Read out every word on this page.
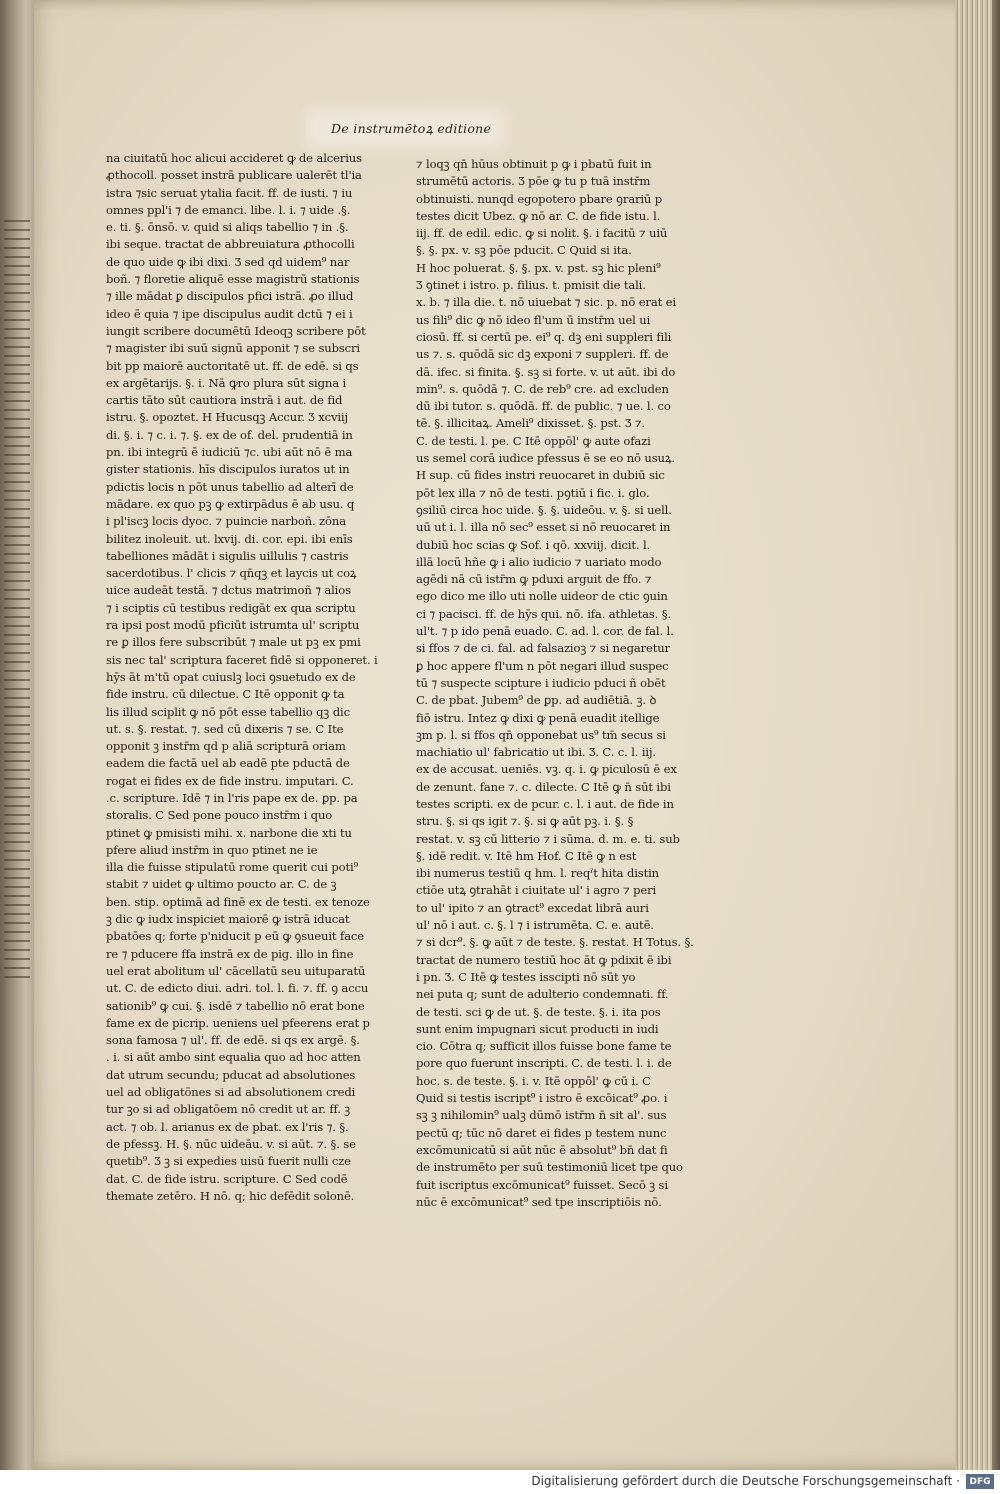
De instrumētoꝝ editione
na ciuitatū hoc alicui accideret ꝙ de alcerius
ꝓthocoll. posset instrā publicare ualerēt tl'ia
istra ⁊sic seruat ytalia facit. ff. de iusti. ⁊ iu
omnes ppl'i ⁊ de emanci. libe. l. i. ⁊ uide .§.
e. ti. §. ōnsō. v. quid si aliqs tabellio ⁊ in .§.
ibi seque. tractat de abbreuiatura ꝓthocolli
de quo uide ꝙ ibi dixi. Ʒ sed qd uidem⁹ nar
boñ. ⁊ floretie aliquē esse magistrū stationis
⁊ ille mādat ꝑ discipulos pfici istrā. ꝓo illud
ideo ē quia ⁊ ipe discipulus audit dctū ⁊ ei i
iungit scribere documētū Ideoqꝫ scribere pōt
⁊ magister ibi suū signū apponit ⁊ se subscri
bit pp maiorē auctoritatē ut. ff. de edē. si qs
ex argētarijs. §. i. Nā ꝙro plura sūt signa i
cartis tāto sūt cautiora instrā i aut. de fid
istru. §. opoztet. H Hucusqꝫ Accur. Ʒ xcviij
di. §. i. ⁊ c. i. ⁊. §. ex de of. del. prudentiā in
pn. ibi integrū ē iudiciū ⁊c. ubi aūt nō ē ma
gister stationis. hīs discipulos iuratos ut in
pdictis locis n pōt unus tabellio ad alterī de
mādare. ex quo pꝫ ꝙ extirpādus ē ab usu. q
i pl'iscꝫ locis dyoc. ⁊ puincie narboñ. zōna
bilitez inoleuit. ut. lxvij. di. cor. epi. ibi enīs
tabelliones mādāt i sigulis uillulis ⁊ castris
sacerdotibus. l' clicis ⁊ qn̄qꝫ et laycis ut coꝝ
uice audeāt testā. ⁊ dctus matrimoñ ⁊ alios
⁊ i sciptis cū testibus redigāt ex qua scriptu
ra ipsi post modū pficiūt istrumta ul' scriptu
re ꝑ illos fere subscribūt ⁊ male ut pꝫ ex pmi
sis nec tal' scriptura faceret fidē si opponeret. i
hȳs āt m'tū opat cuiuslꝫ loci ꝯsuetudo ex de
fide instru. cū dilectue. C Itē opponit ꝙ ta
lis illud sciplit ꝙ nō pōt esse tabellio qꝫ dic
ut. s. §. restat. ⁊. sed cū dixeris ⁊ se. C Ite
opponit ꝫ instr̄m qd p aliā scripturā oriam
eadem die factā uel ab eadē pte pductā de
rogat ei fides ex de fide instru. imputari. C.
.c. scripture. Idē ⁊ in l'ris pape ex de. ꝑp. pa
storalis. C Sed pone pouco instr̄m i quo
ptinet ꝙ pmisisti mihi. x. narbone die xti tu
pfere aliud instr̄m in quo ptinet ne ie
illa die fuisse stipulatū rome querit cui poti⁹
stabit ⁊ uidet ꝙ ultimo poucto ar. C. de ꝫ
ben. stip. optimā ad finē ex de testi. ex tenoze
ꝫ dic ꝙ iudx inspiciet maiorē ꝙ istrā iducat
pbatōes q; forte p'niducit p eū ꝙ ꝯsueuit face
re ⁊ pducere ffa instrā ex de pig. illo in fine
uel erat abolitum ul' cācellatū seu uituparatū
ut. C. de edicto diui. adri. tol. l. fi. ⁊. ff. ꝯ accu
sationib⁹ ꝙ cui. §. isdē ⁊ tabellio nō erat bone
fame ex de picrip. ueniens uel pfeerens erat p
sona famosa ⁊ ul'. ff. de edē. si qs ex argē. §.
. i. si aūt ambo sint equalia quo ad hoc atten
dat utrum secundu; pducat ad absolutiones
uel ad obligatōnes si ad absolutionem credi
tur ꝫo si ad obligatōem nō credit ut ar. ff. ꝫ
act. ⁊ ob. l. arianus ex de pbat. ex l'ris ⁊. §.
de pfessꝫ. H. §. nūc uideāu. v. si aūt. ⁊. §. se
quetib⁹. Ʒ ꝫ si expedies uisū fuerit nulli cze
dat. C. de fide istru. scripture. C Sed codē
themate zetēro. H nō. q; hic defēdit solonē.
⁊ loqꝫ qn̄ hūus obtinuit p ꝙ i pbatū fuit in
strumētū actoris. Ʒ pōe ꝙ tu p tuā instr̄m
obtinuisti. nunqd egopotero pbare ꝯrariū p
testes dicit Ubez. ꝙ nō ar. C. de fide istu. l.
iij. ff. de edil. edic. ꝙ si nolit. §. i facitū ⁊ uiū
§. §. px. v. sꝫ pōe pducit. C Quid si ita.
H hoc poluerat. §. §. px. v. pst. sꝫ hic pleni⁹
Ʒ ꝯtinet i istro. p. filius. t. pmisit die tali.
x. b. ⁊ illa die. t. nō uiuebat ⁊ sic. p. nō erat ei
us fili⁹ dic ꝙ nō ideo fl'um ū instr̄m uel ui
ciosū. ff. si certū pe. ei⁹ q. dꝫ eni suppleri fili
us ⁊. s. quōdā sic dꝫ exponi ⁊ suppleri. ff. de
dā. ifec. si finita. §. sꝫ si forte. v. ut aūt. ibi do
min⁹. s. quōdā ⁊. C. de reb⁹ cre. ad excluden
dū ibi tutor. s. quōdā. ff. de public. ⁊ ue. l. co
tē. §. illicitaꝝ. Ameli⁹ dixisset. §. pst. Ʒ ⁊.
C. de testi. l. pe. C Itē oppōl' ꝙ aute ofazi
us semel corā iudice pfessus ē se eo nō usuꝝ.
H sup. cū fides instri reuocaret in dubiū sic
pōt lex illa ⁊ nō de testi. pꝯtiū i fic. i. glo.
ꝯsiliū circa hoc uide. §. §. uideōu. v. §. si uell.
uū ut i. l. illa nō sec⁹ esset si nō reuocaret in
dubiū hoc scias ꝙ Sof. i qō. xxviij. dicit. l.
illā locū hñe ꝙ i alio iudicio ⁊ uariato modo
agēdi nā cū istr̄m ꝙ pduxi arguit de ffo. ⁊
ego dico me illo uti nolle uideor de ctic ꝯuin
ci ⁊ pacisci. ff. de hȳs qui. nō. ifa. athletas. §.
ul't. ⁊ p ido penā euado. C. ad. l. cor. de fal. l.
si ffos ⁊ de ci. fal. ad falsazioꝫ ⁊ si negaretur
ꝑ hoc appere fl'um n pōt negari illud suspec
tū ⁊ suspecte scipture i iudicio pduci ñ obēt
C. de pbat. Jubem⁹ de ꝑp. ad audiētiā. ꝫ. ꝺ
fiō istru. Intez ꝙ dixi ꝙ penā euadit itellige
ꝫm p. l. si ffos qn̄ opponebat us⁹ tm̄ secus si
machiatio ul' fabricatio ut ibi. Ʒ. C. c. l. iij.
ex de accusat. ueniēs. vꝫ. q. i. ꝙ piculosū ē ex
de zenunt. fane ⁊. c. dilecte. C Itē ꝙ n̄ sūt ibi
testes scripti. ex de pcur. c. l. i aut. de fide in
stru. §. si qs igit ⁊. §. si ꝙ aūt pꝫ. i. §. §
restat. v. sꝫ cū litterio ⁊ i sūma. d. m. e. ti. sub
§. idē redit. v. Itē hm Hof. C Itē ꝙ n est
ibi numerus testiū q hm. l. reqˀt hita distin
ctiōe utꝝ ꝯtrahāt i ciuitate ul' i agro ⁊ peri
to ul' ipito ⁊ an ꝯtract⁹ excedat librā auri
ul' nō i aut. c. §. l ⁊ i istrumēta. C. e. autē.
⁊ si dcr⁹. §. ꝙ aūt ⁊ de teste. §. restat. H Totus. §.
tractat de numero testiū hoc āt ꝙ pdixit ē ibi
i pn. Ʒ. C Itē ꝙ testes isscipti nō sūt yo
nei puta q; sunt de adulterio condemnati. ff.
de testi. sci ꝙ de ut. §. de teste. §. i. ita pos
sunt enim impugnari sicut producti in iudi
cio. Cōtra q; sufficit illos fuisse bone fame te
pore quo fuerunt inscripti. C. de testi. l. i. de
hoc. s. de teste. §. i. v. Itē oppōl' ꝙ cū i. C
Quid si testis iscript⁹ i istro ē excōicat⁹ ꝓo. i
sꝫ ꝫ nihilomin⁹ ualꝫ dūmō istr̄m n̄ sit al'. sus
pectū q; tūc nō daret ei fides p testem nunc
excōmunicatū si aūt nūc ē absolut⁹ bn̄ dat fi
de instrumēto per suū testimoniū licet tpe quo
fuit iscriptus excōmunicat⁹ fuisset. Secō ꝫ si
nūc ē excōmunicat⁹ sed tpe inscriptiōis nō.
Digitalisierung gefördert durch die Deutsche Forschungsgemeinschaft ·	DFG
